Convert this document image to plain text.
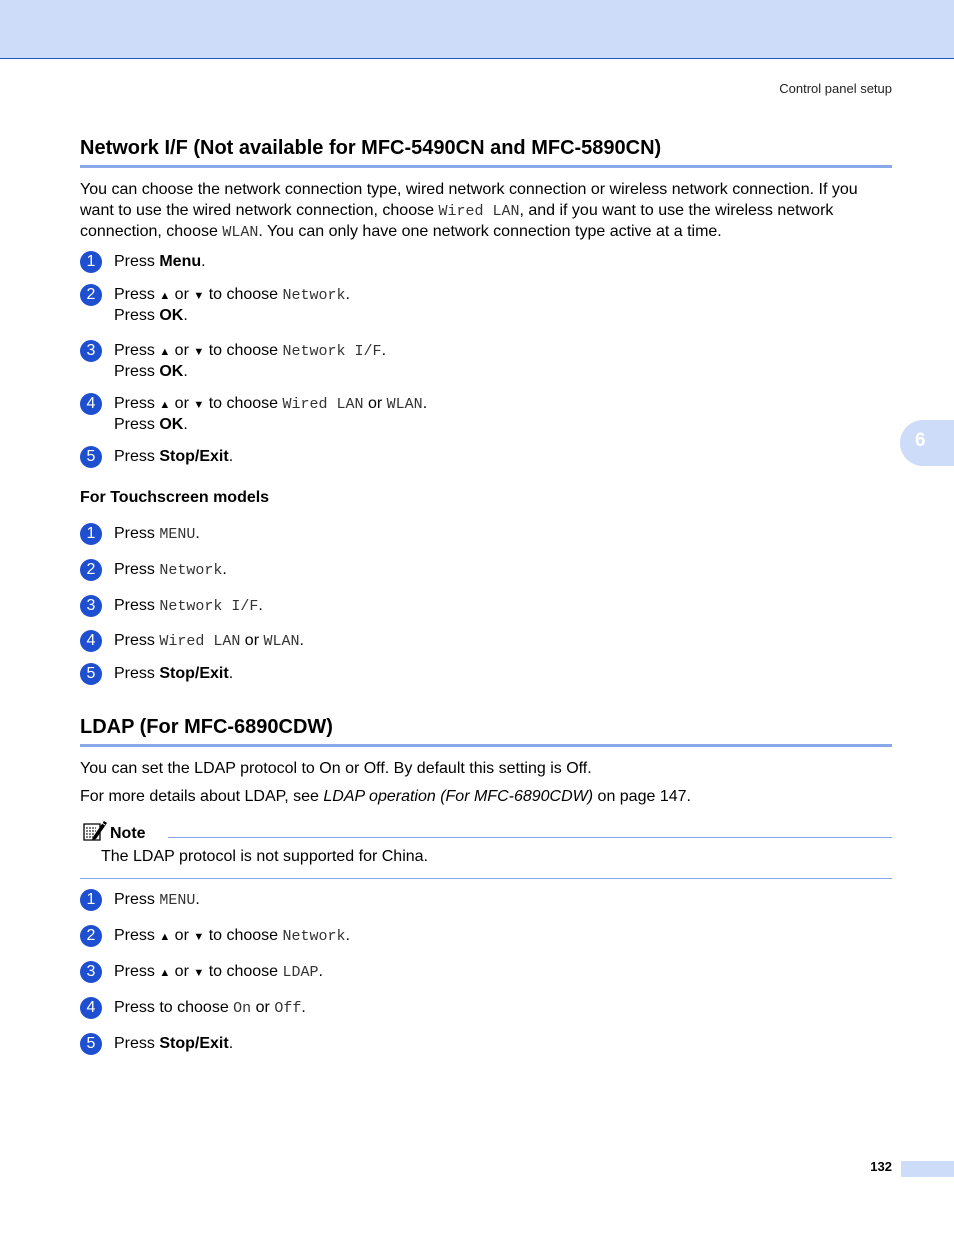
Control panel setup
6
Network I/F (Not available for MFC-5490CN and MFC-5890CN)

You can choose the network connection type, wired network connection or wireless network connection. If you want to use the wired network connection, choose Wired LAN, and if you want to use the wireless network connection, choose WLAN. You can only have one network connection type active at a time.

1	Press Menu.
2	Press ▲ or ▼ to choose Network.
Press OK.
3	Press ▲ or ▼ to choose Network I/F.
Press OK.
4	Press ▲ or ▼ to choose Wired LAN or WLAN.
Press OK.
5	Press Stop/Exit.
For Touchscreen models
1	Press MENU.
2	Press Network.
3	Press Network I/F.
4	Press Wired LAN or WLAN.
5	Press Stop/Exit.
LDAP (For MFC-6890CDW)

You can set the LDAP protocol to On or Off. By default this setting is Off.

For more details about LDAP, see LDAP operation (For MFC-6890CDW) on page 147.

Note
The LDAP protocol is not supported for China.
1	Press MENU.
2	Press ▲ or ▼ to choose Network.
3	Press ▲ or ▼ to choose LDAP.
4	Press to choose On or Off.
5	Press Stop/Exit.
132
